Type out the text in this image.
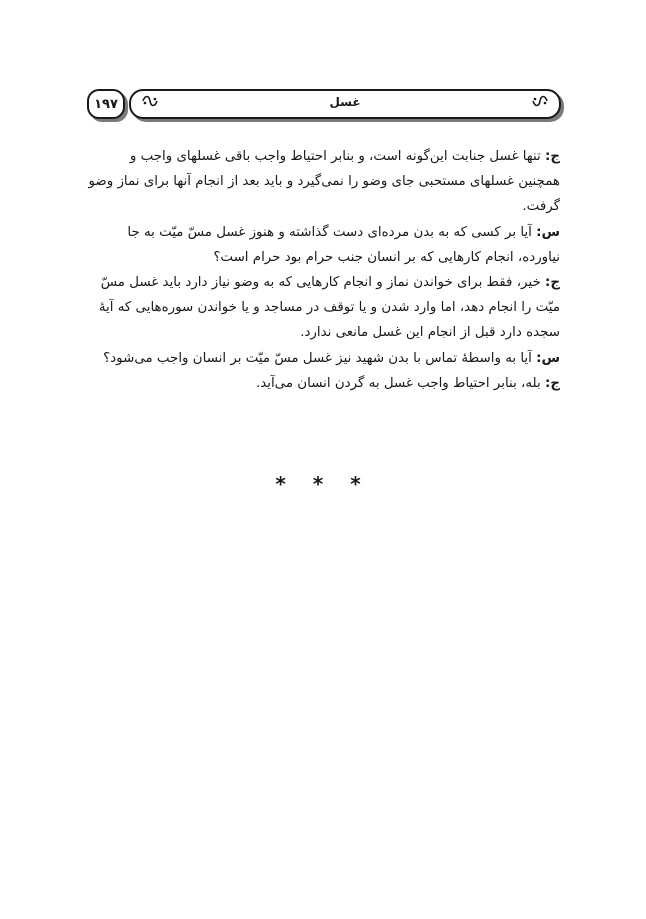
۱۹۷	غسل

ج: تنها غسل جنابت این‌گونه است، و بنابر احتیاط واجب باقی غسلهای واجب و همچنین غسلهای مستحبی جای وضو را نمی‌گیرد و باید بعد از انجام آنها برای نماز وضو گرفت.

س: آیا بر کسی که به بدن مرده‌ای دست گذاشته و هنوز غسل مسّ میّت به جا نیاورده، انجام کارهایی که بر انسان جنب حرام بود حرام است؟

ج: خیر، فقط برای خواندن نماز و انجام کارهایی که به وضو نیاز دارد باید غسل مسّ میّت را انجام دهد، اما وارد شدن و یا توقف در مساجد و یا خواندن سوره‌هایی که آیهٔ سجده دارد قبل از انجام این غسل مانعی ندارد.

س: آیا به واسطهٔ تماس با بدن شهید نیز غسل مسّ میّت بر انسان واجب می‌شود؟

ج: بله، بنابر احتیاط واجب غسل به گردن انسان می‌آید.

* * *
